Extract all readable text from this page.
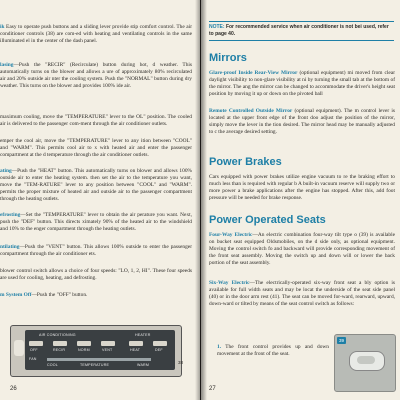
ik Easy to operate push buttons and a sliding lever provide stip comfort control. The air conditioner controls (38) are com-ed with heating and ventilating controls in the same illuminated el in the center of the dash panel.

lasing—Push the "RECIR" (Recirculate) button during hot, d weather. This automatically turns on the blower and allows a ure of approximately 80% recirculated air and 20% outside air nter the cooling system. Push the "NORMAL" button during dry weather. This turns on the blower and provides 100% ide air.

maximum cooling, move the "TEMPERATURE" lever to the OL" position. The cooled air is delivered to the passenger com-ment through the air conditioner outlets.

emper the cool air, move the "TEMPERATURE" lever to any ition between "COOL" and "WARM". This permits cool air to x with heated air and enter the passenger compartment at the d temperature through the air conditioner outlets.

ating—Push the "HEAT" button. This automatically turns on blower and allows 100% outside air to enter the heating system. then set the air to the temperature you want, move the "TEM-RATURE" lever to any position between "COOL" and "WARM". permits the proper mixture of heated air and outside air to the passenger compartment through the heating outlets.

efrosting—Set the "TEMPERATURE" lever to obtain the air perature you want. Next, push the "DEF" button. This directs ximately 90% of the heated air to the windshield and 10% to the enger compartment through the heating outlets.

ntilating—Push the "VENT" button. This allows 100% outside to enter the passenger compartment through the air conditioner ets.

blower control switch allows a choice of four speeds: "LO, 1, 2, HI". These four speeds are used for cooling, heating, and defrosting.

m System Off—Push the "OFF" button.

AIR CONDITIONING	HEATER
OFF	RECIR	NORM	VENT	HEAT	DEF
FAN
COOL	TEMPERATURE	WARM	38
26
NOTE: For recommended service when air conditioner is not bei used, refer to page 40.
Mirrors

Glare-proof Inside Rear-View Mirror (optional equipment) mi moved from clear daylight visibility to non-glare visibility at ni by turning the small tab at the bottom of the mirror. The ang the mirror can be changed to accommodate the driver's height seat position by moving it up or down on the pivoted ball

Remote Controlled Outside Mirror (optional equipment). The m control lever is located at the upper front edge of the front doo adjust the position of the mirror, simply move the lever in the tion desired. The mirror head may be manually adjusted to c the average desired setting.

Power Brakes

Cars equipped with power brakes utilize engine vacuum to re the braking effort to much less than is required with regular b A built-in vacuum reserve will supply two or more power a brake applications after the engine has stopped. After this, add foot pressure will be needed for brake response.

Power Operated Seats

Four-Way Electric—An electric combination four-way tilt type o (39) is available on bucket seat equipped Oldsmobiles, on the d side only, as optional equipment. Moving the control switch fo and backward will provide corresponding movement of the front seat assembly. Moving the switch up and down will or lower the back portion of the seat assembly.

Six-Way Electric—The electrically-operated six-way front seat a bly option is available for full width seats and may be locat the underside of the seat side panel (40) or in the door arm rest (41). The seat can be moved for-ward, rearward, upward, down-ward or tilted by means of the seat control switch as follows:

1. The front control provides up and down movement at the front of the seat.

39
27
